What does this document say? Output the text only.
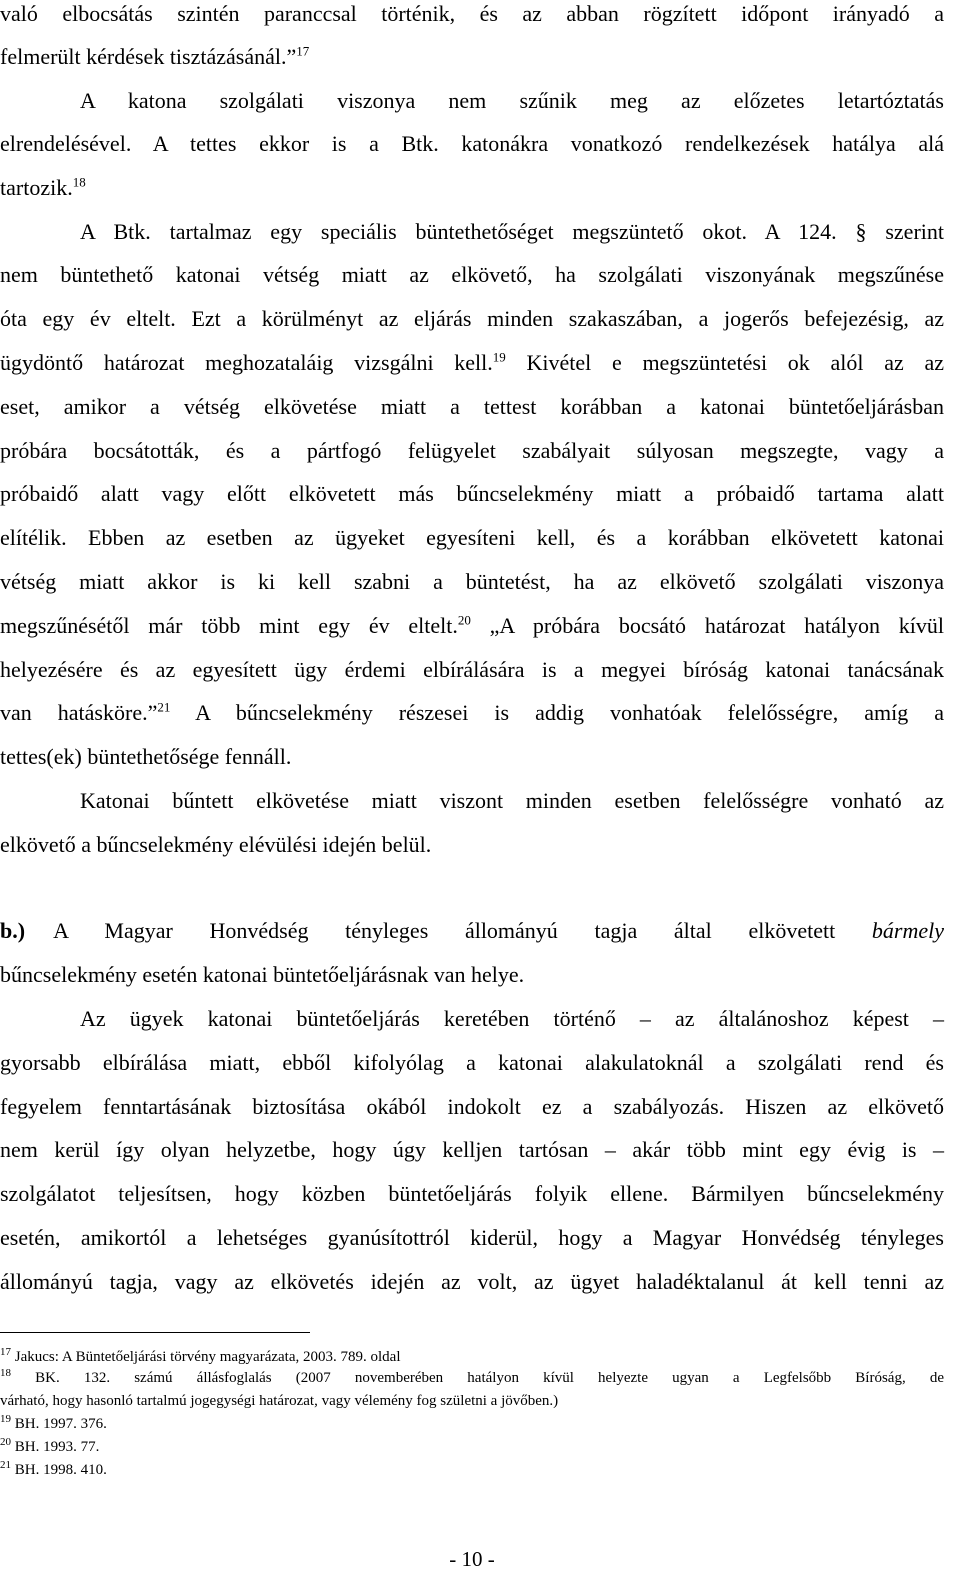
való elbocsátás szintén paranccsal történik, és az abban rögzített időpont irányadó a
felmerült kérdések tisztázásánál.”$^{17}$
A katona szolgálati viszonya nem szűnik meg az előzetes letartóztatás
elrendelésével. A tettes ekkor is a Btk. katonákra vonatkozó rendelkezések hatálya alá
tartozik.$^{18}$
A Btk. tartalmaz egy speciális büntethetőséget megszüntető okot. A 124. § szerint
nem büntethető katonai vétség miatt az elkövető, ha szolgálati viszonyának megszűnése
óta egy év eltelt. Ezt a körülményt az eljárás minden szakaszában, a jogerős befejezésig, az
ügydöntő határozat meghozataláig vizsgálni kell.$^{19}$ Kivétel e megszüntetési ok alól az az
eset, amikor a vétség elkövetése miatt a tettest korábban a katonai büntetőeljárásban
próbára bocsátották, és a pártfogó felügyelet szabályait súlyosan megszegte, vagy a
próbaidő alatt vagy előtt elkövetett más bűncselekmény miatt a próbaidő tartama alatt
elítélik. Ebben az esetben az ügyeket egyesíteni kell, és a korábban elkövetett katonai
vétség miatt akkor is ki kell szabni a büntetést, ha az elkövető szolgálati viszonya
megszűnésétől már több mint egy év eltelt.$^{20}$ „A próbára bocsátó határozat hatályon kívül
helyezésére és az egyesített ügy érdemi elbírálására is a megyei bíróság katonai tanácsának
van hatásköre.”$^{21}$ A bűncselekmény részesei is addig vonhatóak felelősségre, amíg a
tettes(ek) büntethetősége fennáll.
Katonai bűntett elkövetése miatt viszont minden esetben felelősségre vonható az
elkövető a bűncselekmény elévülési idején belül.
b.) A Magyar Honvédség tényleges állományú tagja által elkövetett bármely
bűncselekmény esetén katonai büntetőeljárásnak van helye.
Az ügyek katonai büntetőeljárás keretében történő – az általánoshoz képest –
gyorsabb elbírálása miatt, ebből kifolyólag a katonai alakulatoknál a szolgálati rend és
fegyelem fenntartásának biztosítása okából indokolt ez a szabályozás. Hiszen az elkövető
nem kerül így olyan helyzetbe, hogy úgy kelljen tartósan – akár több mint egy évig is –
szolgálatot teljesítsen, hogy közben büntetőeljárás folyik ellene. Bármilyen bűncselekmény
esetén, amikortól a lehetséges gyanúsítottról kiderül, hogy a Magyar Honvédség tényleges
állományú tagja, vagy az elkövetés idején az volt, az ügyet haladéktalanul át kell tenni az
$^{17}$ Jakucs: A Büntetőeljárási törvény magyarázata, 2003. 789. oldal
$^{18}$ BK. 132. számú állásfoglalás (2007 novemberében hatályon kívül helyezte ugyan a Legfelsőbb Bíróság, de
várható, hogy hasonló tartalmú jogegységi határozat, vagy vélemény fog születni a jövőben.)
$^{19}$ BH. 1997. 376.
$^{20}$ BH. 1993. 77.
$^{21}$ BH. 1998. 410.
- 10 -
